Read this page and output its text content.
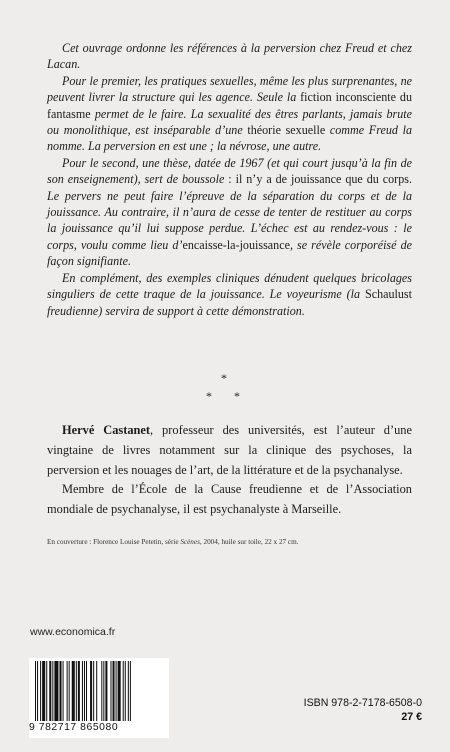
Cet ouvrage ordonne les références à la perversion chez Freud et chez Lacan.

Pour le premier, les pratiques sexuelles, même les plus surprenantes, ne peuvent livrer la structure qui les agence. Seule la fiction inconsciente du fantasme permet de le faire. La sexualité des êtres parlants, jamais brute ou monolithique, est inséparable d’une théorie sexuelle comme Freud la nomme. La perversion en est une ; la névrose, une autre.

Pour le second, une thèse, datée de 1967 (et qui court jusqu’à la fin de son enseignement), sert de boussole : il n’y a de jouissance que du corps. Le pervers ne peut faire l’épreuve de la séparation du corps et de la jouissance. Au contraire, il n’aura de cesse de tenter de restituer au corps la jouissance qu’il lui suppose perdue. L’échec est au rendez-vous : le corps, voulu comme lieu d’encaisse-la-jouissance, se révèle corporéisé de façon signifiante.

En complément, des exemples cliniques dénudent quelques bricolages singuliers de cette traque de la jouissance. Le voyeurisme (la Schaulust freudienne) servira de support à cette démonstration.

*
* *

Hervé Castanet, professeur des universités, est l’auteur d’une vingtaine de livres notamment sur la clinique des psychoses, la perversion et les nouages de l’art, de la littérature et de la psychanalyse.

Membre de l’École de la Cause freudienne et de l’Association mondiale de psychanalyse, il est psychanalyste à Marseille.

En couverture : Florence Louise Petetin, série Scènes, 2004, huile sur toile, 22 x 27 cm.
www.economica.fr
9 782717 865080
ISBN 978-2-7178-6508-0
27 €
